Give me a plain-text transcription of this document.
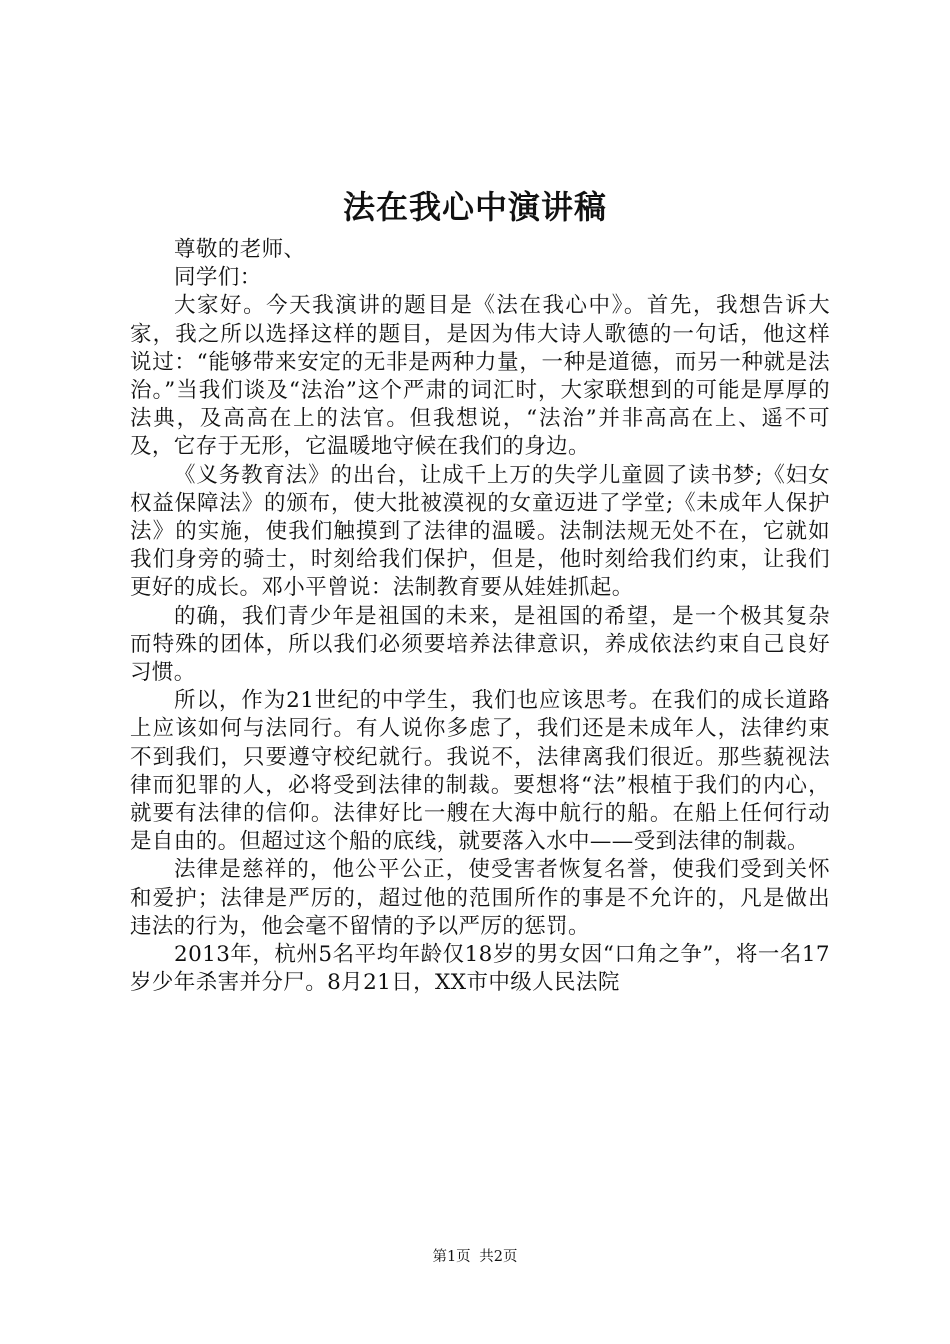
法在我心中演讲稿

尊敬的老师、

同学们：

大家好。今天我演讲的题目是《法在我心中》。首先，我想告诉大家，我之所以选择这样的题目，是因为伟大诗人歌德的一句话，他这样说过：“能够带来安定的无非是两种力量，一种是道德，而另一种就是法治。”当我们谈及“法治”这个严肃的词汇时，大家联想到的可能是厚厚的法典，及高高在上的法官。但我想说，“法治”并非高高在上、遥不可及，它存于无形，它温暖地守候在我们的身边。

《义务教育法》的出台，让成千上万的失学儿童圆了读书梦;《妇女权益保障法》的颁布，使大批被漠视的女童迈进了学堂;《未成年人保护法》的实施，使我们触摸到了法律的温暖。法制法规无处不在，它就如我们身旁的骑士，时刻给我们保护，但是，他时刻给我们约束，让我们更好的成长。邓小平曾说：法制教育要从娃娃抓起。

的确，我们青少年是祖国的未来，是祖国的希望，是一个极其复杂而特殊的团体，所以我们必须要培养法律意识，养成依法约束自己良好习惯。

所以，作为21世纪的中学生，我们也应该思考。在我们的成长道路上应该如何与法同行。有人说你多虑了，我们还是未成年人，法律约束不到我们，只要遵守校纪就行。我说不，法律离我们很近。那些藐视法律而犯罪的人，必将受到法律的制裁。要想将“法”根植于我们的内心，就要有法律的信仰。法律好比一艘在大海中航行的船。在船上任何行动是自由的。但超过这个船的底线，就要落入水中——受到法律的制裁。

法律是慈祥的，他公平公正，使受害者恢复名誉，使我们受到关怀和爱护；法律是严厉的，超过他的范围所作的事是不允许的，凡是做出违法的行为，他会毫不留情的予以严厉的惩罚。

2013年，杭州5名平均年龄仅18岁的男女因“口角之争”，将一名17岁少年杀害并分尸。8月21日，XX市中级人民法院

第1页 共2页
